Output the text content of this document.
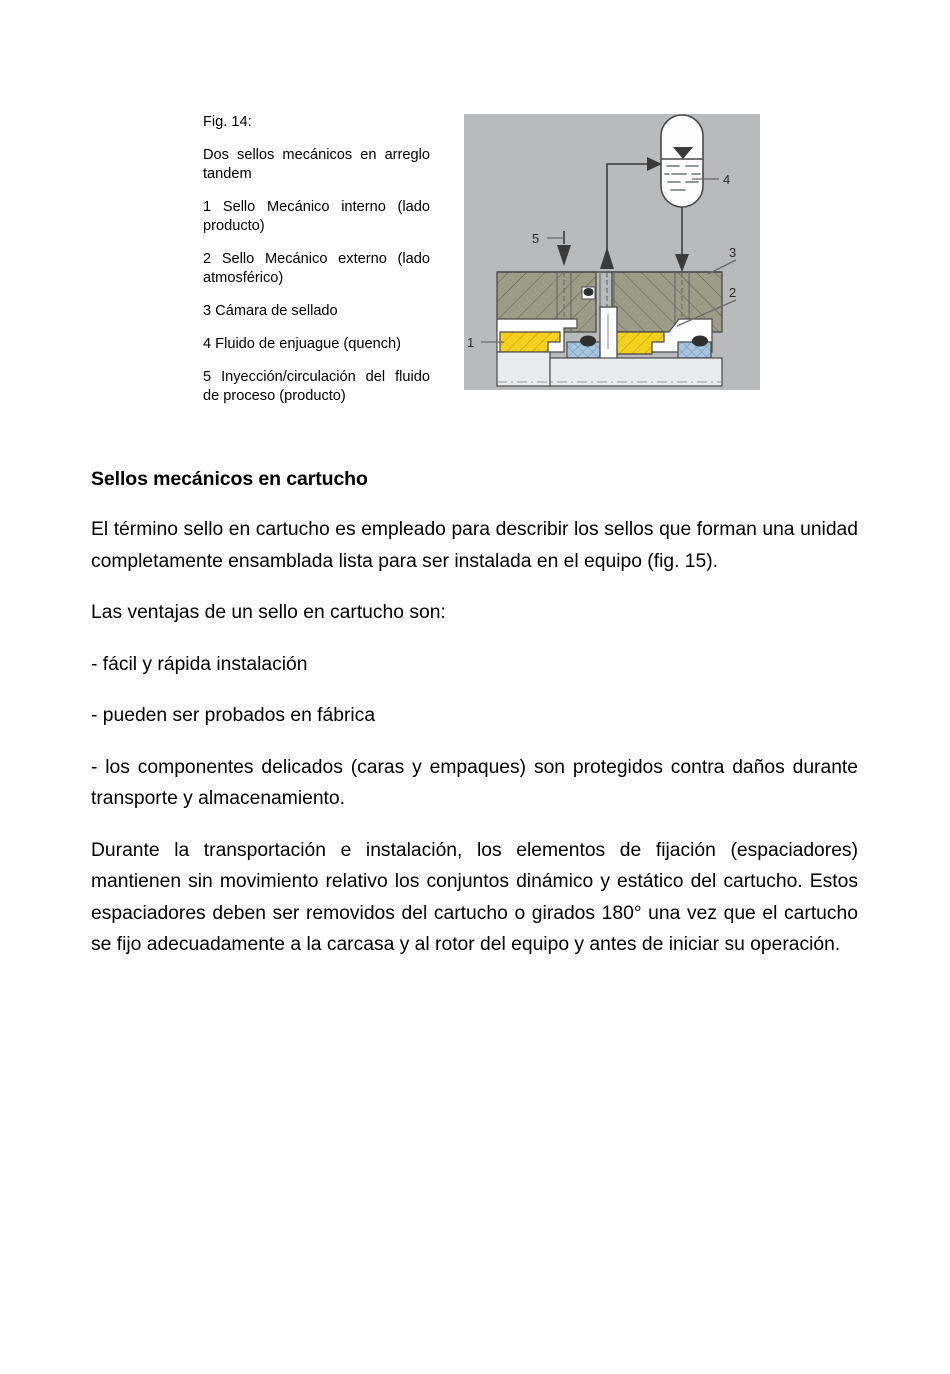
Fig. 14:

Dos sellos mecánicos en arreglo tandem

1 Sello Mecánico interno (lado producto)

2 Sello Mecánico externo (lado atmosférico)

3 Cámara de sellado

4 Fluido de enjuague (quench)

5 Inyección/circulación del fluido de proceso (producto)

4
5
1
3
2
Sellos mecánicos en cartucho

El término sello en cartucho es empleado para describir los sellos que forman una unidad completamente ensamblada lista para ser instalada en el equipo (fig. 15).

Las ventajas de un sello en cartucho son:

- fácil y rápida instalación

- pueden ser probados en fábrica

- los componentes delicados (caras y empaques) son protegidos contra daños durante transporte y almacenamiento.

Durante la transportación e instalación, los elementos de fijación (espaciadores) mantienen sin movimiento relativo los conjuntos dinámico y estático del cartucho. Estos espaciadores deben ser removidos del cartucho o girados 180° una vez que el cartucho se fijo adecuadamente a la carcasa y al rotor del equipo y antes de iniciar su operación.
